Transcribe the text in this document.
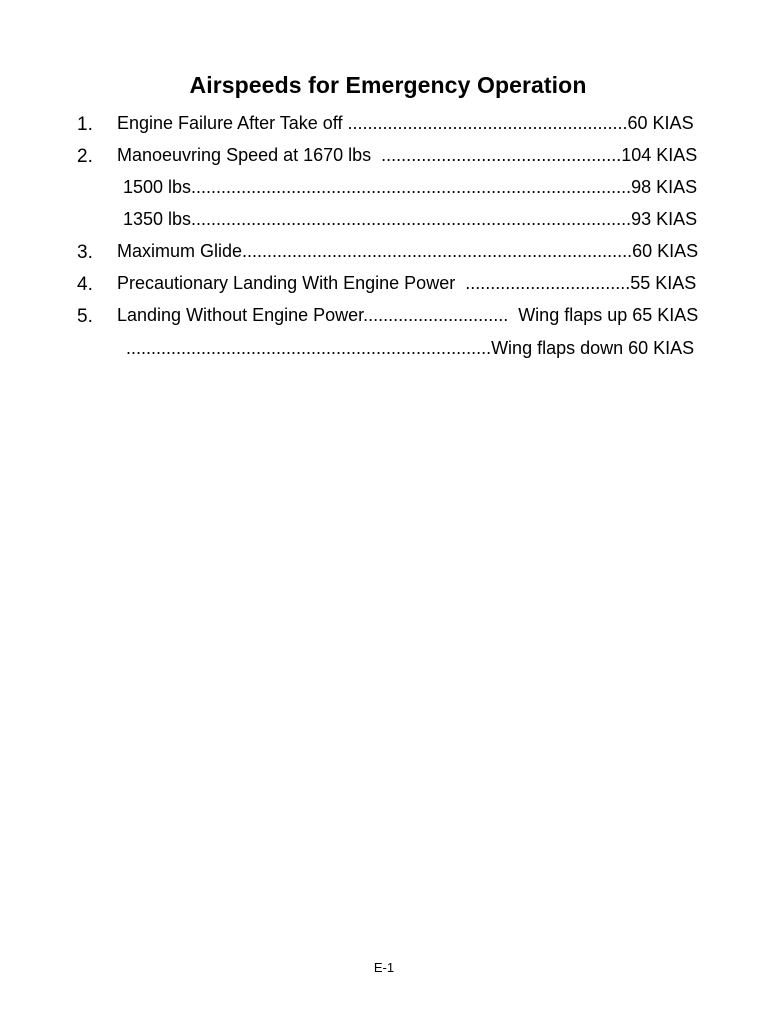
Airspeeds for Emergency Operation
1. Engine Failure After Take off ........................................................60 KIAS
2. Manoeuvring Speed at 1670 lbs  ................................................104 KIAS
1500 lbs........................................................................................98 KIAS
1350 lbs........................................................................................93 KIAS
3. Maximum Glide..............................................................................60 KIAS
4. Precautionary Landing With Engine Power  .................................55 KIAS
5. Landing Without Engine Power.............................  Wing flaps up 65 KIAS
.........................................................................Wing flaps down 60 KIAS
E-1
